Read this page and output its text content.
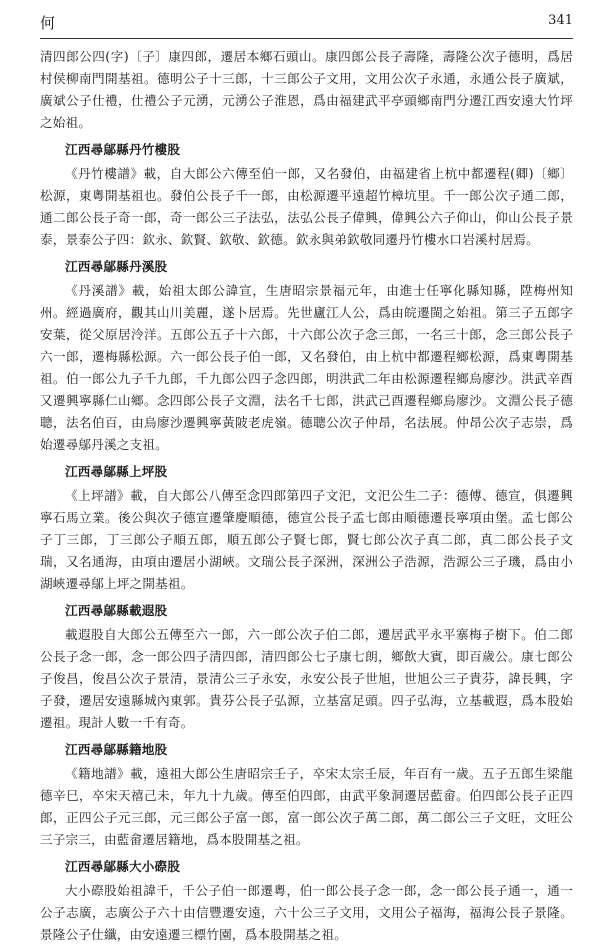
何	341

清四郎公四(字)〔子〕康四郎，遷居本鄉石頭山。康四郎公長子壽隆，壽隆公次子德明，爲居村侯柳南門開基祖。德明公子十三郎，十三郎公子文用，文用公次子永通，永通公長子廣斌，廣斌公子仕禮，仕禮公子元湧，元湧公子淮恩，爲由福建武平亭頭鄉南門分遷江西安遠大竹坪之始祖。

江西尋鄔縣丹竹樓股

《丹竹樓譜》載，自大郎公六傳至伯一郎，又名發伯，由福建省上杭中都遷程(卿)〔鄉〕松源，東粵開基祖也。發伯公長子千一郎，由松源遷平遠超竹樟坑里。千一郎公次子通二郎，通二郎公長子奇一郎，奇一郎公三子法弘，法弘公長子偉興，偉興公六子仰山，仰山公長子景泰，景泰公子四：欽永、欽賢、欽敬、欽德。欽永與弟欽敬同遷丹竹樓水口岩溪村居焉。

江西尋鄔縣丹溪股

《丹溪譜》載，始祖太郎公諱宣，生唐昭宗景福元年，由進士任寧化縣知縣，陞梅州知州。經過廣府，觀其山川美麗，遂卜居焉。先世廬江人公，爲由皖遷閩之始祖。第三子五郎字安葉，從父原居泠洋。五郎公五子十六郎，十六郎公次子念三郎，一名三十郎，念三郎公長子六一郎，遷梅縣松源。六一郎公長子伯一郎，又名發伯，由上杭中都遷程鄉松源，爲東粵開基祖。伯一郎公九子千九郎，千九郎公四子念四郎，明洪武二年由松源遷程鄉烏廖沙。洪武辛酉又遷興寧縣仁山鄉。念四郎公長子文淵，法名千七郎，洪武己酉遷程鄉烏廖沙。文淵公長子德聰，法名伯百，由烏廖沙遷興寧黃陂老虎嶺。德聰公次子仲昂，名法展。仲昂公次子志崇，爲始遷尋鄔丹溪之支祖。

江西尋鄔縣上坪股

《上坪譜》載，自大郎公八傳至念四郎第四子文汜，文汜公生二子：德傅、德宣，俱遷興寧石馬立業。後公與次子德宣遷肇慶順德，德宣公長子孟七郎由順德遷長寧項由堡。孟七郎公子丁三郎，丁三郎公子順五郎，順五郎公子賢七郎，賢七郎公次子真二郎，真二郎公長子文瑞，又名通海，由項由遷居小湖峽。文瑞公長子深洲，深洲公子浩源，浩源公三子璣，爲由小湖峽遷尋鄔上坪之開基祖。

江西尋鄔縣載遐股

載遐股自大郎公五傳至六一郎，六一郎公次子伯二郎，遷居武平永平寨梅子樹下。伯二郎公長子念一郎，念一郎公四子清四郎，清四郎公七子康七朗，鄉飲大賓，即百歲公。康七郎公子俊昌，俊昌公次子景清，景清公三子永安，永安公長子世旭，世旭公三子貴芬，諱長興，字子發，遷居安遠縣城內東郭。貴芬公長子弘源，立基富足頭。四子弘海，立基載遐，爲本股始遷祖。現計人數一千有奇。

江西尋鄔縣籍地股

《籍地譜》載，遠祖大郎公生唐昭宗壬子，卒宋太宗壬辰，年百有一歲。五子五郎生梁龍德辛巳，卒宋天禧己未，年九十九歲。傳至伯四郎，由武平象洞遷居藍畲。伯四郎公長子正四郎，正四公子元三郎，元三郎公子富一郎，富一郎公次子萬二郎，萬二郎公三子文旺，文旺公三子宗三，由藍畲遷居籍地，爲本股開基之祖。

江西尋鄔縣大小磜股

大小磜股始祖諱千，千公子伯一郎遷粵，伯一郎公長子念一郎，念一郎公長子通一，通一公子志廣，志廣公子六十由信豐遷安遠，六十公三子文用，文用公子福海，福海公長子景隆。景隆公子仕纖，由安遠遷三標竹園，爲本股開基之祖。
